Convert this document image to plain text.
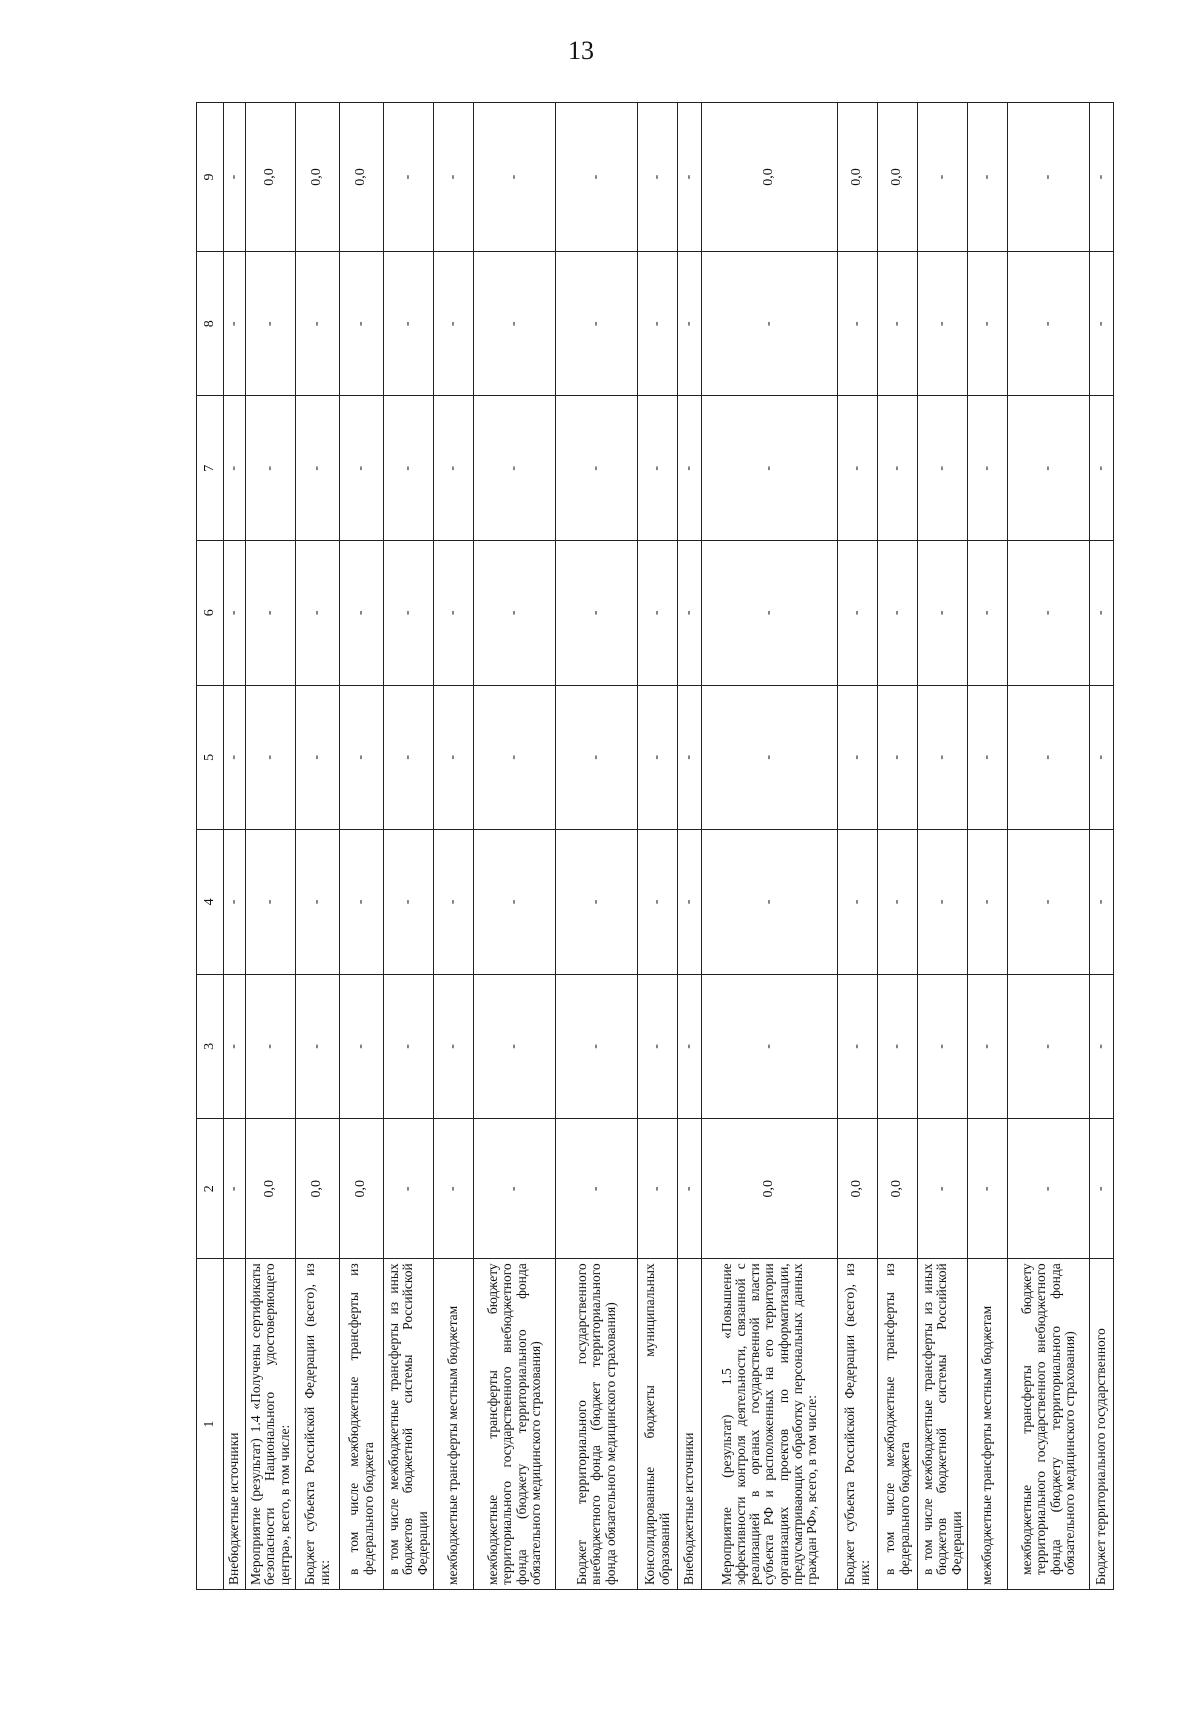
13
1	2	3	4	5	6	7	8	9
Внебюджетные источники	-	-	-	-	-	-	-	-
Мероприятие (результат) 1.4 «Получены сертификаты безопасности Национального удостоверяющего центра», всего, в том числе:	0,0	-	-	-	-	-	-	0,0
Бюджет субъекта Российской Федерации (всего), из них:	0,0	-	-	-	-	-	-	0,0
в том числе межбюджетные трансферты из федерального бюджета	0,0	-	-	-	-	-	-	0,0
в том числе межбюджетные трансферты из иных бюджетов бюджетной системы Российской Федерации	-	-	-	-	-	-	-	-
межбюджетные трансферты местным бюджетам	-	-	-	-	-	-	-	-
межбюджетные трансферты бюджету территориального государственного внебюджетного фонда (бюджету территориального фонда обязательного медицинского страхования)	-	-	-	-	-	-	-	-
Бюджет территориального государственного внебюджетного фонда (бюджет территориального фонда обязательного медицинского страхования)	-	-	-	-	-	-	-	-
Консолидированные бюджеты муниципальных образований	-	-	-	-	-	-	-	-
Внебюджетные источники	-	-	-	-	-	-	-	-
Мероприятие (результат) 1.5 «Повышение эффективности контроля деятельности, связанной с реализацией в органах государственной власти субъекта РФ и расположенных на его территории организациях проектов по информатизации, предусматривающих обработку персональных данных граждан РФ», всего, в том числе:	0,0	-	-	-	-	-	-	0,0
Бюджет субъекта Российской Федерации (всего), из них:	0,0	-	-	-	-	-	-	0,0
в том числе межбюджетные трансферты из федерального бюджета	0,0	-	-	-	-	-	-	0,0
в том числе межбюджетные трансферты из иных бюджетов бюджетной системы Российской Федерации	-	-	-	-	-	-	-	-
межбюджетные трансферты местным бюджетам	-	-	-	-	-	-	-	-
межбюджетные трансферты бюджету территориального государственного внебюджетного фонда (бюджету территориального фонда обязательного медицинского страхования)	-	-	-	-	-	-	-	-
Бюджет территориального государственного	-	-	-	-	-	-	-	-
